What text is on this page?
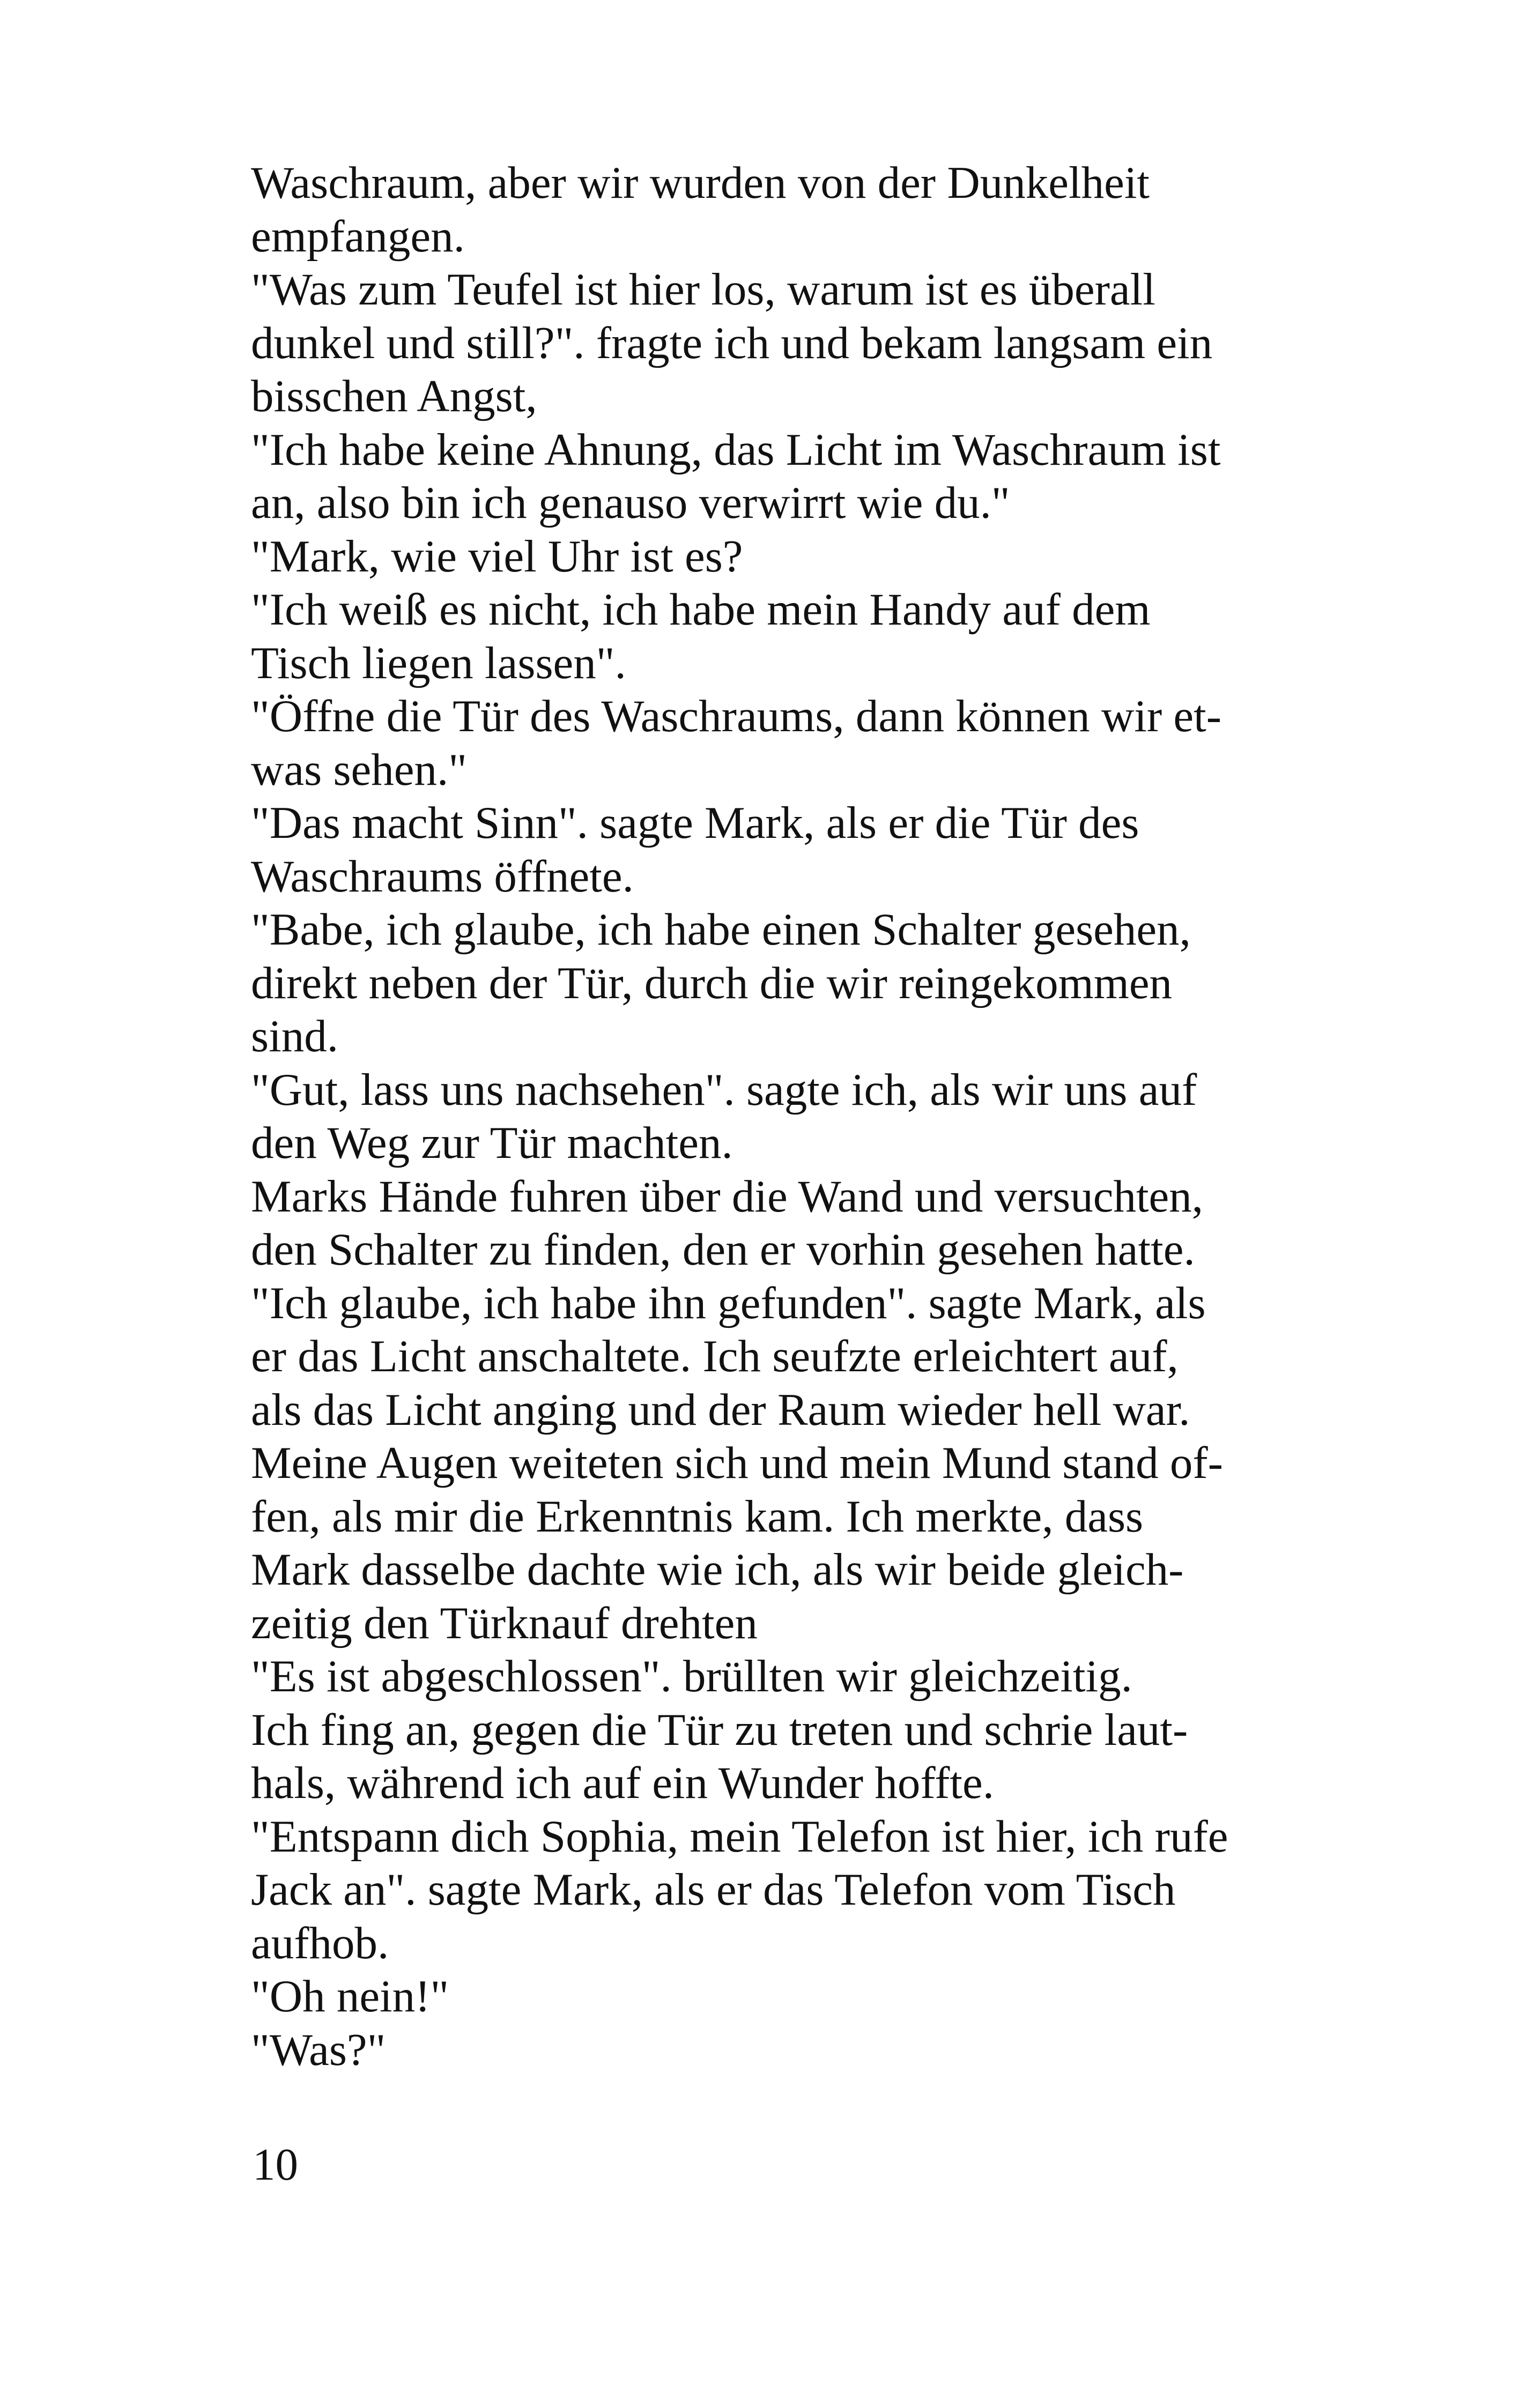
Waschraum, aber wir wurden von der Dunkelheit
empfangen.
"Was zum Teufel ist hier los, warum ist es überall
dunkel und still?". fragte ich und bekam langsam ein
bisschen Angst,
"Ich habe keine Ahnung, das Licht im Waschraum ist
an, also bin ich genauso verwirrt wie du."
"Mark, wie viel Uhr ist es?
"Ich weiß es nicht, ich habe mein Handy auf dem
Tisch liegen lassen".
"Öffne die Tür des Waschraums, dann können wir et-
was sehen."
"Das macht Sinn". sagte Mark, als er die Tür des
Waschraums öffnete.
"Babe, ich glaube, ich habe einen Schalter gesehen,
direkt neben der Tür, durch die wir reingekommen
sind.
"Gut, lass uns nachsehen". sagte ich, als wir uns auf
den Weg zur Tür machten.
Marks Hände fuhren über die Wand und versuchten,
den Schalter zu finden, den er vorhin gesehen hatte.
"Ich glaube, ich habe ihn gefunden". sagte Mark, als
er das Licht anschaltete. Ich seufzte erleichtert auf,
als das Licht anging und der Raum wieder hell war.
Meine Augen weiteten sich und mein Mund stand of-
fen, als mir die Erkenntnis kam. Ich merkte, dass
Mark dasselbe dachte wie ich, als wir beide gleich-
zeitig den Türknauf drehten
"Es ist abgeschlossen". brüllten wir gleichzeitig.
Ich fing an, gegen die Tür zu treten und schrie laut-
hals, während ich auf ein Wunder hoffte.
"Entspann dich Sophia, mein Telefon ist hier, ich rufe
Jack an". sagte Mark, als er das Telefon vom Tisch
aufhob.
"Oh nein!"
"Was?"
10
